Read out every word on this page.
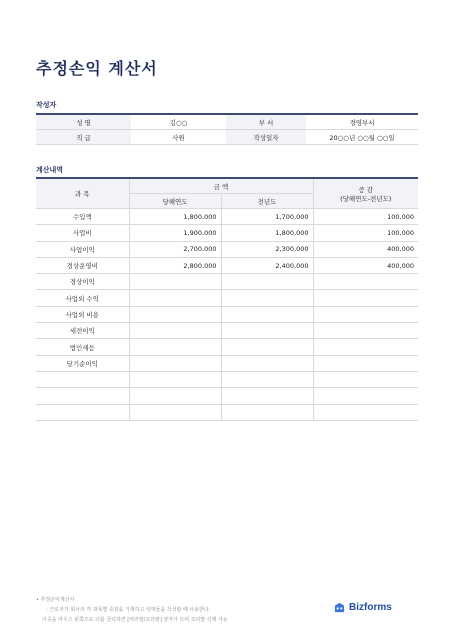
추정손익 계산서
작성자
성 명	김○○	부 서	경영부서
직 급	사원	작성일자	20○○년 ○○월 ○○일
계산내역
과 목	금 액		증 감
(당해연도-전년도)

	당해연도	전년도	
수입액	1,800,000	1,700,000	100,000
사업비	1,900,000	1,800,000	100,000
사업이익	2,700,000	2,300,000	400,000
경상운영비	2,800,000	2,400,000	400,000
경상이익			
사업외 수익			
사업외 비용			
세전이익			
법인세등			
당기순이익			

• 추정손익계산서
- 근로자가 회사의 각 과목별 증감을 기재하고 내역들을 작성할 때 사용한다.
이곳을 마우스 왼쪽으로 더블 클릭하면 [머리말/꼬리말] 상자가 뜨며 꼬리말 삭제 가능
Bizforms
